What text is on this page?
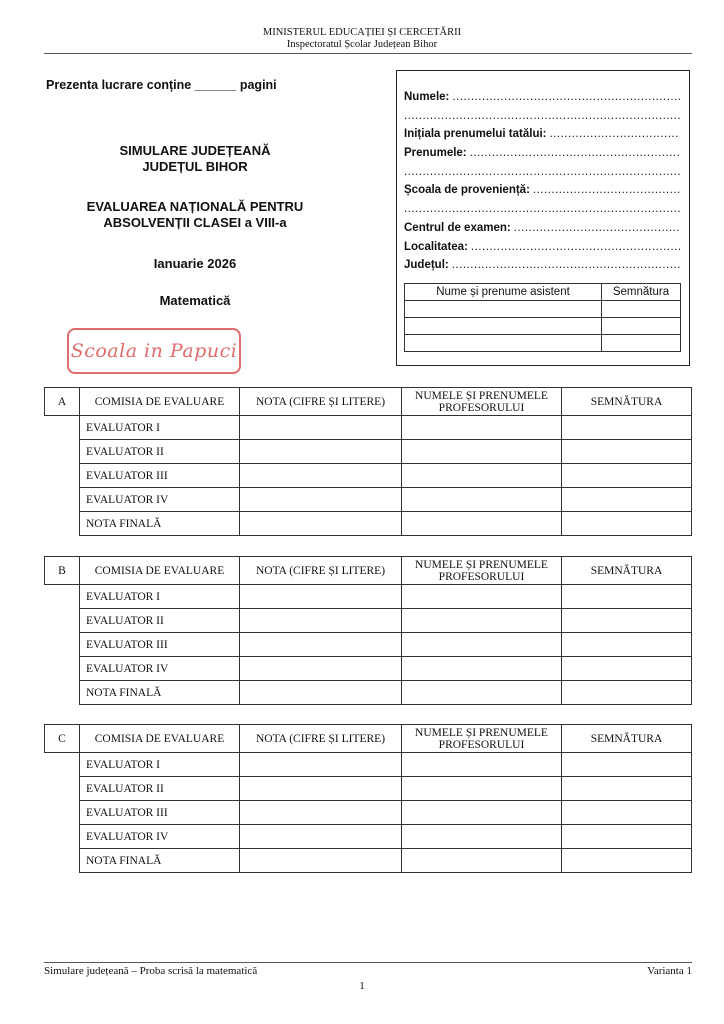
MINISTERUL EDUCAȚIEI ȘI CERCETĂRII
Inspectoratul Școlar Județean Bihor
Prezenta lucrare conține ______ pagini
SIMULARE JUDEȚEANĂ
JUDEȚUL BIHOR
EVALUAREA NAȚIONALĂ PENTRU
ABSOLVENȚII CLASEI a VIII-a
Ianuarie 2026
Matematică
Scoala in Papuci
Numele:
.....
.....
Inițiala prenumelui tatălui:
.....
Prenumele:
.....
.....
Școala de proveniență:
.....
.....
Centrul de examen:
.....
Localitatea:
.....
Județul:
.....
Nume și prenume asistent	Semnătura

A	COMISIA DE EVALUARE	NOTA (CIFRE ȘI LITERE)	NUMELE ȘI PRENUMELE PROFESORULUI	SEMNĂTURA
	EVALUATOR I			
	EVALUATOR II			
	EVALUATOR III			
	EVALUATOR IV			
	NOTA FINALĂ			
B	COMISIA DE EVALUARE	NOTA (CIFRE ȘI LITERE)	NUMELE ȘI PRENUMELE PROFESORULUI	SEMNĂTURA
	EVALUATOR I			
	EVALUATOR II			
	EVALUATOR III			
	EVALUATOR IV			
	NOTA FINALĂ			
C	COMISIA DE EVALUARE	NOTA (CIFRE ȘI LITERE)	NUMELE ȘI PRENUMELE PROFESORULUI	SEMNĂTURA
	EVALUATOR I			
	EVALUATOR II			
	EVALUATOR III			
	EVALUATOR IV			
	NOTA FINALĂ			
Simulare județeană – Proba scrisă la matematică	Varianta 1
1
